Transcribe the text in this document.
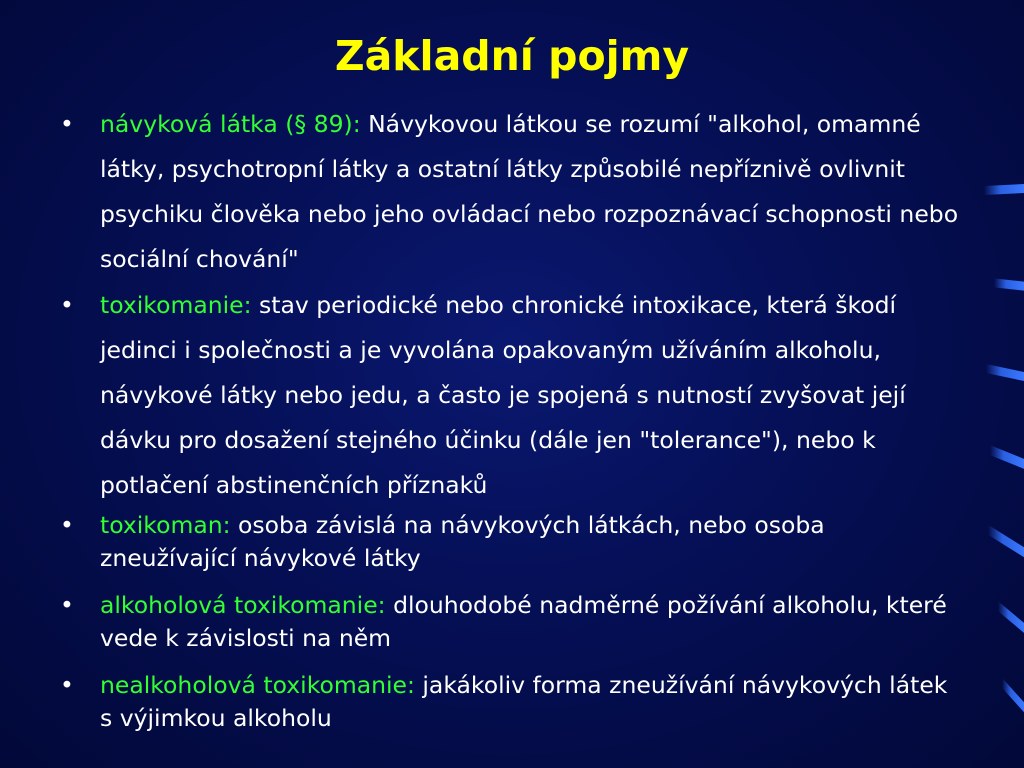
Základní pojmy
• návyková látka (§ 89): Návykovou látkou se rozumí "alkohol, omamné látky, psychotropní látky a ostatní látky způsobilé nepříznivě ovlivnit psychiku člověka nebo jeho ovládací nebo rozpoznávací schopnosti nebo sociální chování"
• toxikomanie: stav periodické nebo chronické intoxikace, která škodí jedinci i společnosti a je vyvolána opakovaným užíváním alkoholu, návykové látky nebo jedu, a často je spojená s nutností zvyšovat její dávku pro dosažení stejného účinku (dále jen "tolerance"), nebo k potlačení abstinenčních příznaků
• toxikoman: osoba závislá na návykových látkách, nebo osoba zneužívající návykové látky
• alkoholová toxikomanie: dlouhodobé nadměrné požívání alkoholu, které vede k závislosti na něm
• nealkoholová toxikomanie: jakákoliv forma zneužívání návykových látek s výjimkou alkoholu
